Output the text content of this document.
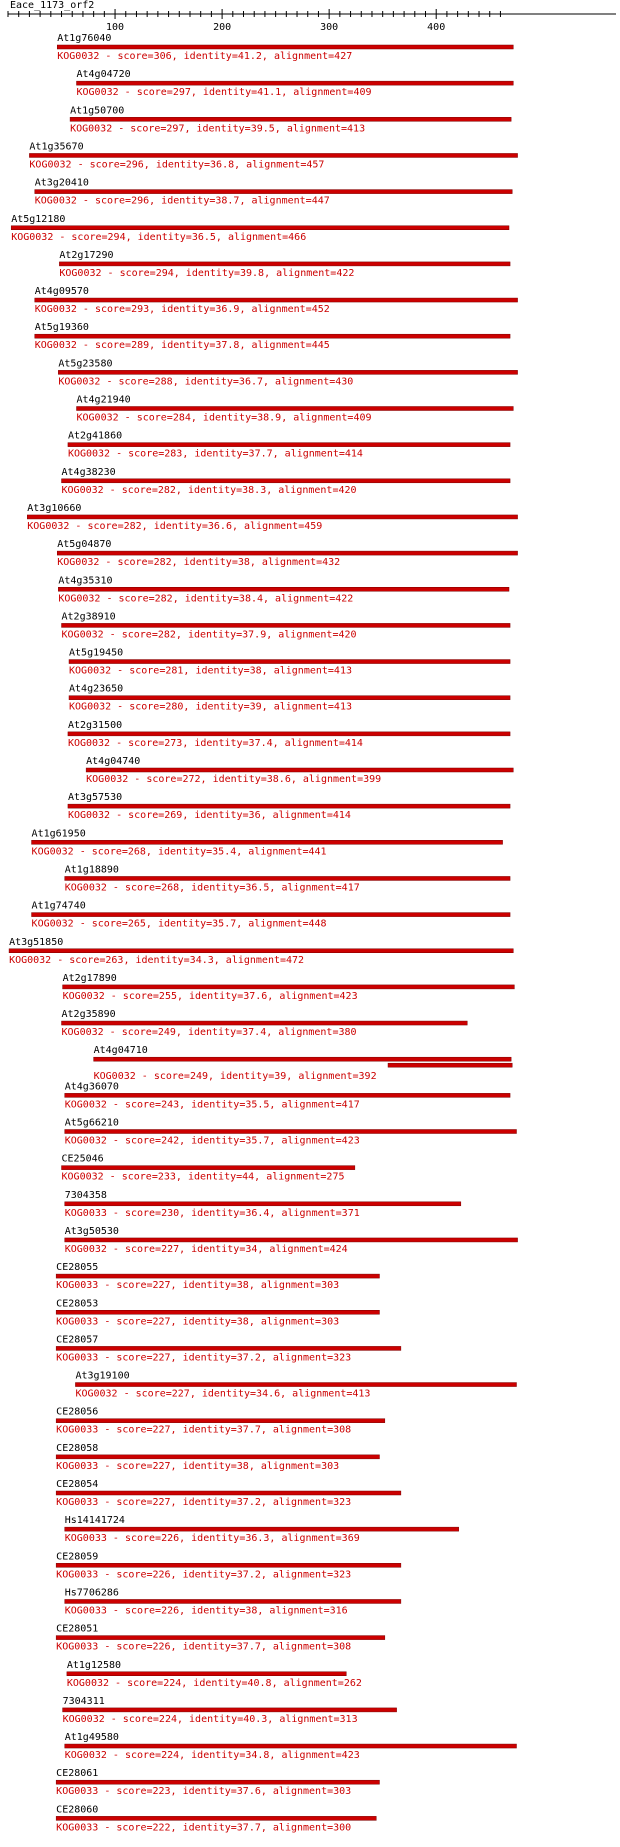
Eace_1173_orf2
100	200	300	400
At1g76040
KOG0032 - score=306, identity=41.2, alignment=427
At4g04720
KOG0032 - score=297, identity=41.1, alignment=409
At1g50700
KOG0032 - score=297, identity=39.5, alignment=413
At1g35670
KOG0032 - score=296, identity=36.8, alignment=457
At3g20410
KOG0032 - score=296, identity=38.7, alignment=447
At5g12180
KOG0032 - score=294, identity=36.5, alignment=466
At2g17290
KOG0032 - score=294, identity=39.8, alignment=422
At4g09570
KOG0032 - score=293, identity=36.9, alignment=452
At5g19360
KOG0032 - score=289, identity=37.8, alignment=445
At5g23580
KOG0032 - score=288, identity=36.7, alignment=430
At4g21940
KOG0032 - score=284, identity=38.9, alignment=409
At2g41860
KOG0032 - score=283, identity=37.7, alignment=414
At4g38230
KOG0032 - score=282, identity=38.3, alignment=420
At3g10660
KOG0032 - score=282, identity=36.6, alignment=459
At5g04870
KOG0032 - score=282, identity=38, alignment=432
At4g35310
KOG0032 - score=282, identity=38.4, alignment=422
At2g38910
KOG0032 - score=282, identity=37.9, alignment=420
At5g19450
KOG0032 - score=281, identity=38, alignment=413
At4g23650
KOG0032 - score=280, identity=39, alignment=413
At2g31500
KOG0032 - score=273, identity=37.4, alignment=414
At4g04740
KOG0032 - score=272, identity=38.6, alignment=399
At3g57530
KOG0032 - score=269, identity=36, alignment=414
At1g61950
KOG0032 - score=268, identity=35.4, alignment=441
At1g18890
KOG0032 - score=268, identity=36.5, alignment=417
At1g74740
KOG0032 - score=265, identity=35.7, alignment=448
At3g51850
KOG0032 - score=263, identity=34.3, alignment=472
At2g17890
KOG0032 - score=255, identity=37.6, alignment=423
At2g35890
KOG0032 - score=249, identity=37.4, alignment=380
At4g04710
KOG0032 - score=249, identity=39, alignment=392
At4g36070
KOG0032 - score=243, identity=35.5, alignment=417
At5g66210
KOG0032 - score=242, identity=35.7, alignment=423
CE25046
KOG0032 - score=233, identity=44, alignment=275
7304358
KOG0033 - score=230, identity=36.4, alignment=371
At3g50530
KOG0032 - score=227, identity=34, alignment=424
CE28055
KOG0033 - score=227, identity=38, alignment=303
CE28053
KOG0033 - score=227, identity=38, alignment=303
CE28057
KOG0033 - score=227, identity=37.2, alignment=323
At3g19100
KOG0032 - score=227, identity=34.6, alignment=413
CE28056
KOG0033 - score=227, identity=37.7, alignment=308
CE28058
KOG0033 - score=227, identity=38, alignment=303
CE28054
KOG0033 - score=227, identity=37.2, alignment=323
Hs14141724
KOG0033 - score=226, identity=36.3, alignment=369
CE28059
KOG0033 - score=226, identity=37.2, alignment=323
Hs7706286
KOG0033 - score=226, identity=38, alignment=316
CE28051
KOG0033 - score=226, identity=37.7, alignment=308
At1g12580
KOG0032 - score=224, identity=40.8, alignment=262
7304311
KOG0032 - score=224, identity=40.3, alignment=313
At1g49580
KOG0032 - score=224, identity=34.8, alignment=423
CE28061
KOG0033 - score=223, identity=37.6, alignment=303
CE28060
KOG0033 - score=222, identity=37.7, alignment=300
